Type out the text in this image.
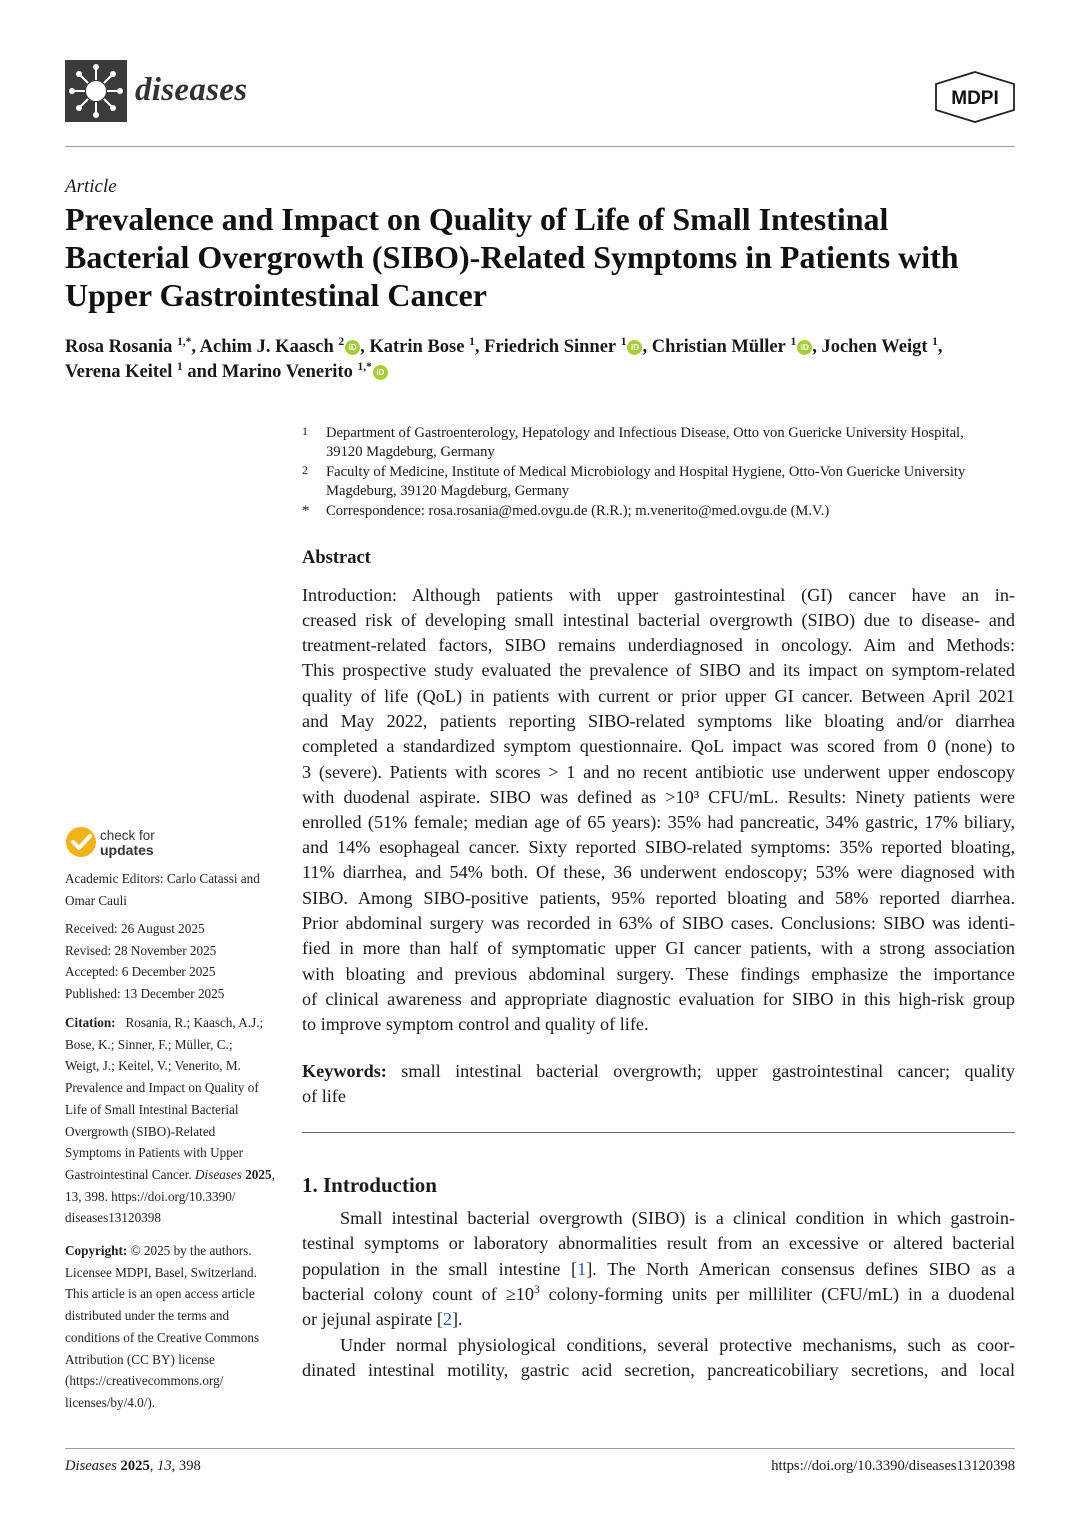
diseases	MDPI
Article
Prevalence and Impact on Quality of Life of Small Intestinal
Bacterial Overgrowth (SIBO)-Related Symptoms in Patients with
Upper Gastrointestinal Cancer
Rosa Rosania $^{1,*}$, Achim J. Kaasch $^2$ iD , Katrin Bose $^1$, Friedrich Sinner $^1$ iD , Christian Müller $^1$ iD , Jochen Weigt $^1$,
Verena Keitel $^1$ and Marino Venerito $^{1,*}$ iD
1 Department of Gastroenterology, Hepatology and Infectious Disease, Otto von Guericke University Hospital,
39120 Magdeburg, Germany
2 Faculty of Medicine, Institute of Medical Microbiology and Hospital Hygiene, Otto-Von Guericke University
Magdeburg, 39120 Magdeburg, Germany
* Correspondence: rosa.rosania@med.ovgu.de (R.R.); m.venerito@med.ovgu.de (M.V.)
Abstract
Introduction: Although patients with upper gastrointestinal (GI) cancer have an in-
creased risk of developing small intestinal bacterial overgrowth (SIBO) due to disease- and
treatment-related factors, SIBO remains underdiagnosed in oncology. Aim and Methods:
This prospective study evaluated the prevalence of SIBO and its impact on symptom-related
quality of life (QoL) in patients with current or prior upper GI cancer. Between April 2021
and May 2022, patients reporting SIBO-related symptoms like bloating and/or diarrhea
completed a standardized symptom questionnaire. QoL impact was scored from 0 (none) to
3 (severe). Patients with scores > 1 and no recent antibiotic use underwent upper endoscopy
with duodenal aspirate. SIBO was defined as >10³ CFU/mL. Results: Ninety patients were
enrolled (51% female; median age of 65 years): 35% had pancreatic, 34% gastric, 17% biliary,
and 14% esophageal cancer. Sixty reported SIBO-related symptoms: 35% reported bloating,
11% diarrhea, and 54% both. Of these, 36 underwent endoscopy; 53% were diagnosed with
SIBO. Among SIBO-positive patients, 95% reported bloating and 58% reported diarrhea.
Prior abdominal surgery was recorded in 63% of SIBO cases. Conclusions: SIBO was identi-
fied in more than half of symptomatic upper GI cancer patients, with a strong association
with bloating and previous abdominal surgery. These findings emphasize the importance
of clinical awareness and appropriate diagnostic evaluation for SIBO in this high-risk group
to improve symptom control and quality of life.
Keywords: small intestinal bacterial overgrowth; upper gastrointestinal cancer; quality
of life
1. Introduction
Small intestinal bacterial overgrowth (SIBO) is a clinical condition in which gastroin-
testinal symptoms or laboratory abnormalities result from an excessive or altered bacterial
population in the small intestine [1]. The North American consensus defines SIBO as a
bacterial colony count of $\ge 10^3$ colony-forming units per milliliter (CFU/mL) in a duodenal
or jejunal aspirate [2].
Under normal physiological conditions, several protective mechanisms, such as coor-
dinated intestinal motility, gastric acid secretion, pancreaticobiliary secretions, and local
check for
updates
Academic Editors: Carlo Catassi and Omar Cauli
Received: 26 August 2025
Revised: 28 November 2025
Accepted: 6 December 2025
Published: 13 December 2025
Citation: Rosania, R.; Kaasch, A.J.;
Bose, K.; Sinner, F.; Müller, C.;
Weigt, J.; Keitel, V.; Venerito, M.
Prevalence and Impact on Quality of
Life of Small Intestinal Bacterial
Overgrowth (SIBO)-Related
Symptoms in Patients with Upper
Gastrointestinal Cancer. Diseases 2025,
13, 398. https://doi.org/10.3390/
diseases13120398
Copyright: © 2025 by the authors.
Licensee MDPI, Basel, Switzerland.
This article is an open access article
distributed under the terms and
conditions of the Creative Commons
Attribution (CC BY) license
(https://creativecommons.org/
licenses/by/4.0/).
Diseases 2025, 13, 398	https://doi.org/10.3390/diseases13120398
